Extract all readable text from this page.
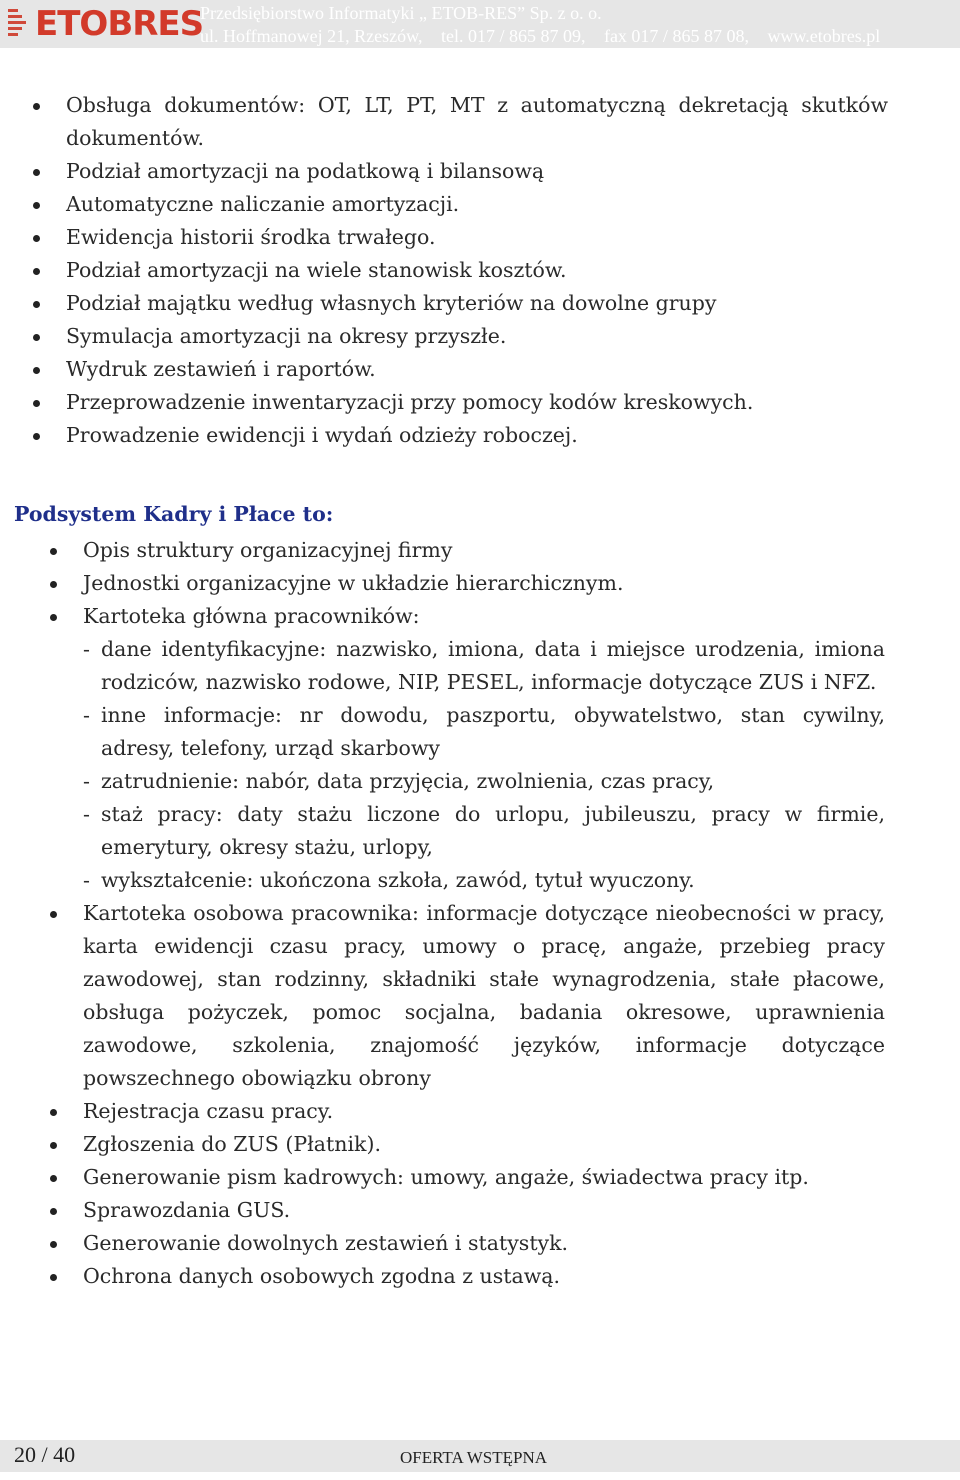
ETOBRES
Przedsiębiorstwo Informatyki „ ETOB-RES” Sp. z o. o.
ul. Hoffmanowej 21, Rzeszów, tel. 017 / 865 87 09, fax 017 / 865 87 08, www.etobres.pl
Obsługa dokumentów: OT, LT, PT, MT z automatyczną dekretacją skutków dokumentów.
Podział amortyzacji na podatkową i bilansową
Automatyczne naliczanie amortyzacji.
Ewidencja historii środka trwałego.
Podział amortyzacji na wiele stanowisk kosztów.
Podział majątku według własnych kryteriów na dowolne grupy
Symulacja amortyzacji na okresy przyszłe.
Wydruk zestawień i raportów.
Przeprowadzenie inwentaryzacji przy pomocy kodów kreskowych.
Prowadzenie ewidencji i wydań odzieży roboczej.
Podsystem Kadry i Płace to:
Opis struktury organizacyjnej firmy
Jednostki organizacyjne w układzie hierarchicznym.
Kartoteka główna pracowników:
- dane identyfikacyjne: nazwisko, imiona, data i miejsce urodzenia, imiona rodziców, nazwisko rodowe, NIP, PESEL, informacje dotyczące ZUS i NFZ.
- inne informacje: nr dowodu, paszportu, obywatelstwo, stan cywilny, adresy, telefony, urząd skarbowy
- zatrudnienie: nabór, data przyjęcia, zwolnienia, czas pracy,
- staż pracy: daty stażu liczone do urlopu, jubileuszu, pracy w firmie, emerytury, okresy stażu, urlopy,
- wykształcenie: ukończona szkoła, zawód, tytuł wyuczony.
Kartoteka osobowa pracownika: informacje dotyczące nieobecności w pracy, karta ewidencji czasu pracy, umowy o pracę, angaże, przebieg pracy zawodowej, stan rodzinny, składniki stałe wynagrodzenia, stałe płacowe, obsługa pożyczek, pomoc socjalna, badania okresowe, uprawnienia zawodowe, szkolenia, znajomość języków, informacje dotyczące powszechnego obowiązku obrony
Rejestracja czasu pracy.
Zgłoszenia do ZUS (Płatnik).
Generowanie pism kadrowych: umowy, angaże, świadectwa pracy itp.
Sprawozdania GUS.
Generowanie dowolnych zestawień i statystyk.
Ochrona danych osobowych zgodna z ustawą.
20 / 40	OFERTA WSTĘPNA
